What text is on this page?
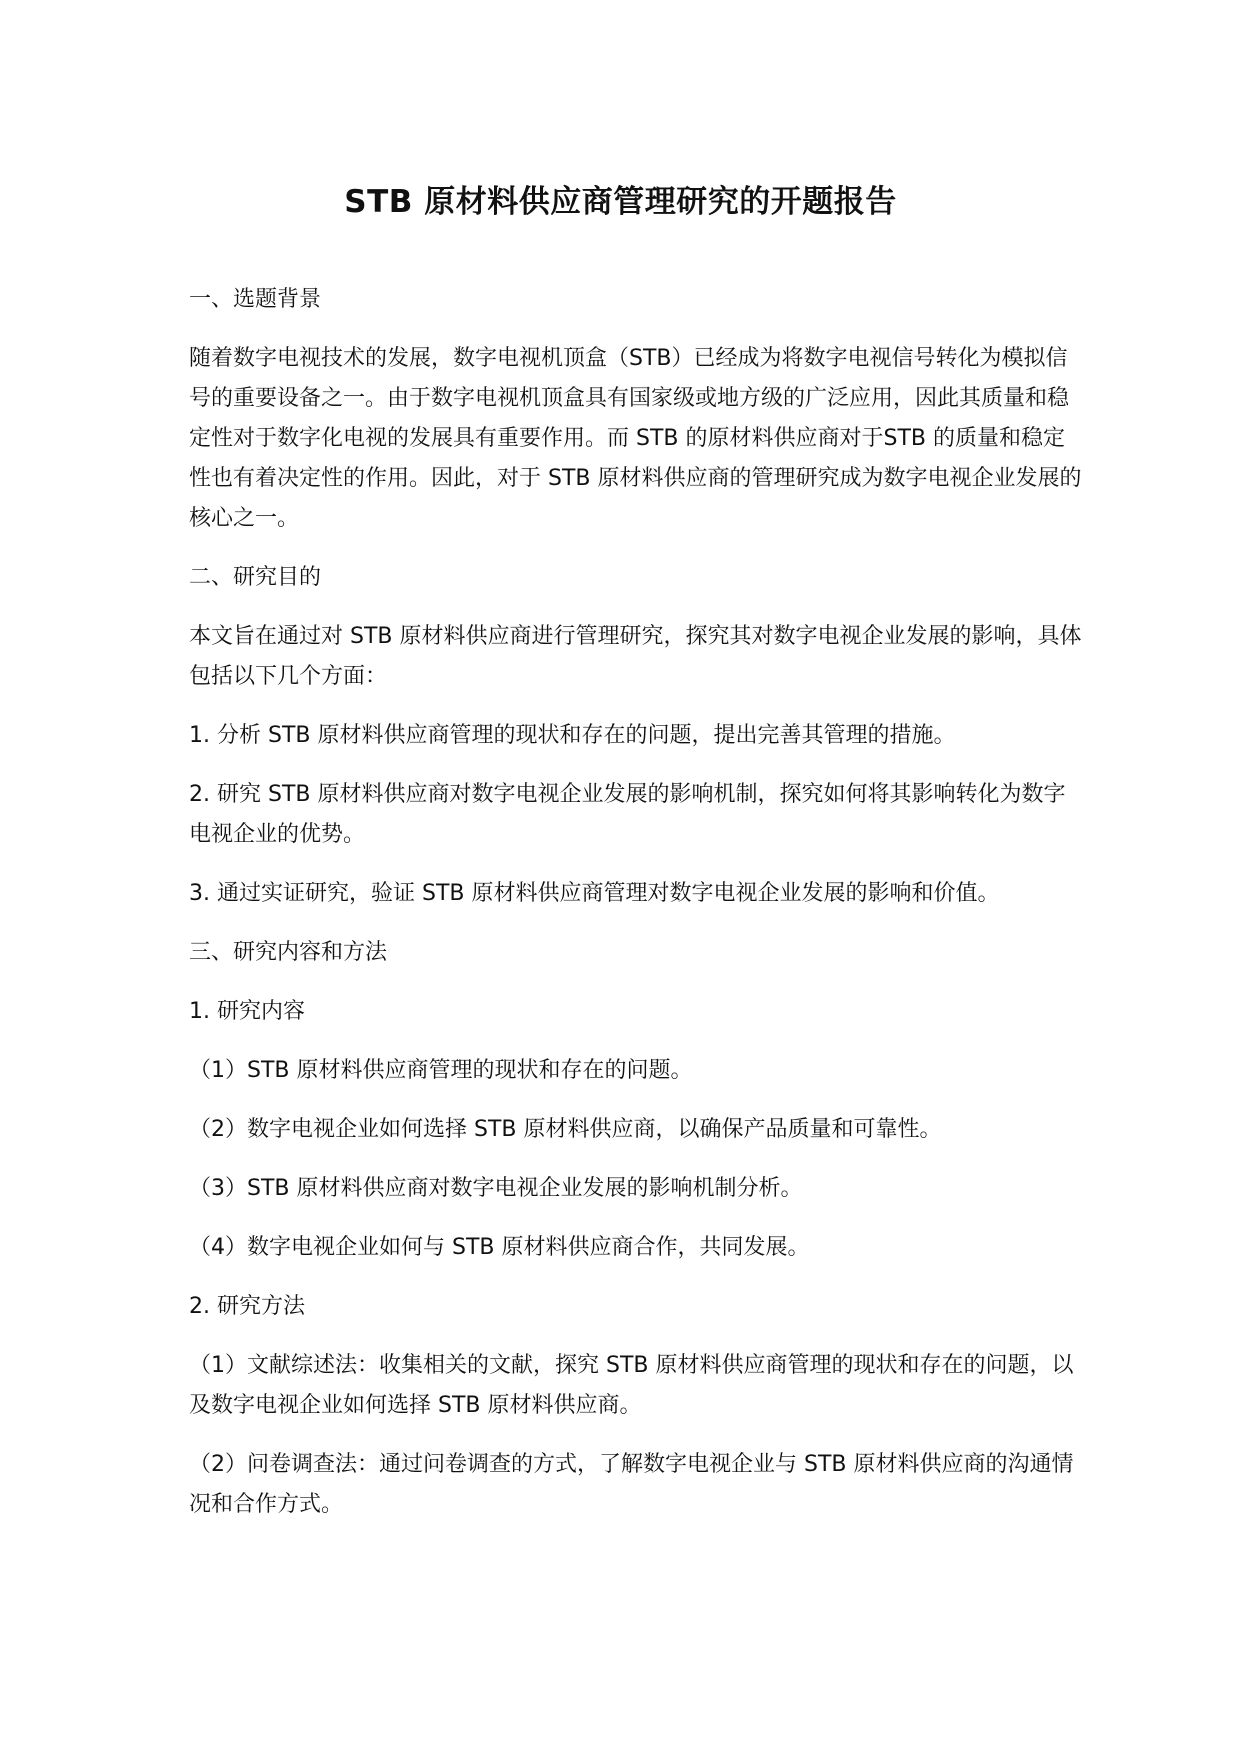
STB 原材料供应商管理研究的开题报告

一、选题背景

随着数字电视技术的发展，数字电视机顶盒（STB）已经成为将数字电视信号转化为模拟信号的重要设备之一。由于数字电视机顶盒具有国家级或地方级的广泛应用，因此其质量和稳定性对于数字化电视的发展具有重要作用。而 STB 的原材料供应商对于STB 的质量和稳定性也有着决定性的作用。因此，对于 STB 原材料供应商的管理研究成为数字电视企业发展的核心之一。

二、研究目的

本文旨在通过对 STB 原材料供应商进行管理研究，探究其对数字电视企业发展的影响，具体包括以下几个方面：

1. 分析 STB 原材料供应商管理的现状和存在的问题，提出完善其管理的措施。

2. 研究 STB 原材料供应商对数字电视企业发展的影响机制，探究如何将其影响转化为数字电视企业的优势。

3. 通过实证研究，验证 STB 原材料供应商管理对数字电视企业发展的影响和价值。

三、研究内容和方法

1. 研究内容

（1）STB 原材料供应商管理的现状和存在的问题。

（2）数字电视企业如何选择 STB 原材料供应商，以确保产品质量和可靠性。

（3）STB 原材料供应商对数字电视企业发展的影响机制分析。

（4）数字电视企业如何与 STB 原材料供应商合作，共同发展。

2. 研究方法

（1）文献综述法：收集相关的文献，探究 STB 原材料供应商管理的现状和存在的问题，以及数字电视企业如何选择 STB 原材料供应商。

（2）问卷调查法：通过问卷调查的方式，了解数字电视企业与 STB 原材料供应商的沟通情况和合作方式。
